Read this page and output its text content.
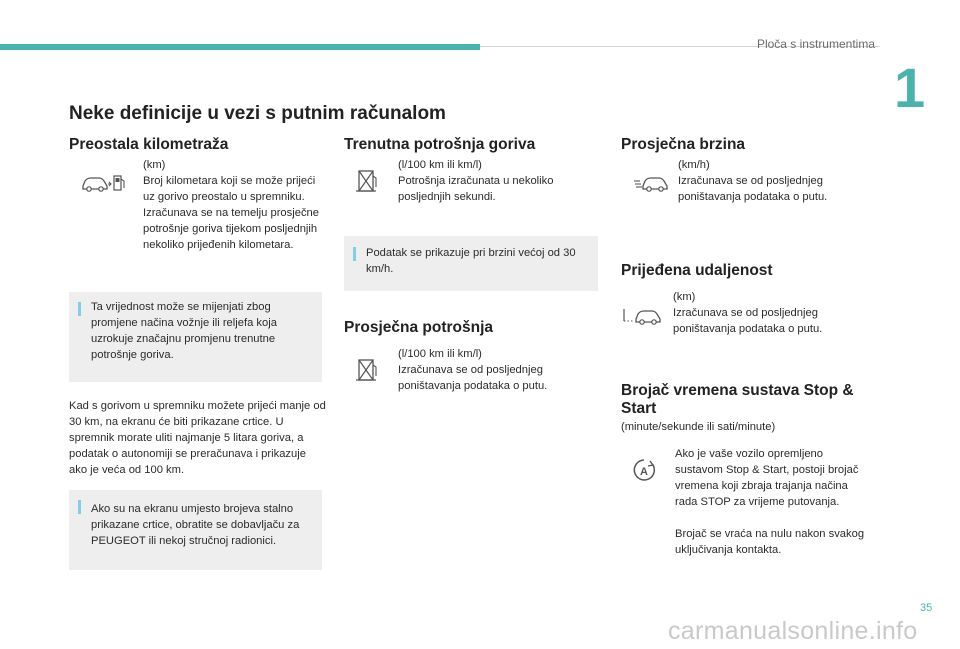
Ploča s instrumentima
1
Neke definicije u vezi s putnim računalom
Preostala kilometraža
(km)
Broj kilometara koji se može prijeći uz gorivo preostalo u spremniku. Izračunava se na temelju prosječne potrošnje goriva tijekom posljednjih nekoliko prijeđenih kilometara.
Ta vrijednost može se mijenjati zbog promjene načina vožnje ili reljefa koja uzrokuje značajnu promjenu trenutne potrošnje goriva.
Kad s gorivom u spremniku možete prijeći manje od 30 km, na ekranu će biti prikazane crtice. U spremnik morate uliti najmanje 5 litara goriva, a podatak o autonomiji se preračunava i prikazuje ako je veća od 100 km.
Ako su na ekranu umjesto brojeva stalno prikazane crtice, obratite se dobavljaču za PEUGEOT ili nekoj stručnoj radionici.
Trenutna potrošnja goriva
(l/100 km ili km/l)
Potrošnja izračunata u nekoliko posljednjih sekundi.
Podatak se prikazuje pri brzini većoj od 30 km/h.
Prosječna potrošnja
(l/100 km ili km/l)
Izračunava se od posljednjeg poništavanja podataka o putu.
Prosječna brzina
(km/h)
Izračunava se od posljednjeg poništavanja podataka o putu.
Prijeđena udaljenost
(km)
Izračunava se od posljednjeg poništavanja podataka o putu.
Brojač vremena sustava Stop & Start
(minute/sekunde ili sati/minute)
A
Ako je vaše vozilo opremljeno sustavom Stop & Start, postoji brojač vremena koji zbraja trajanja načina rada STOP za vrijeme putovanja.
Brojač se vraća na nulu nakon svakog uključivanja kontakta.
35
carmanualsonline.info
